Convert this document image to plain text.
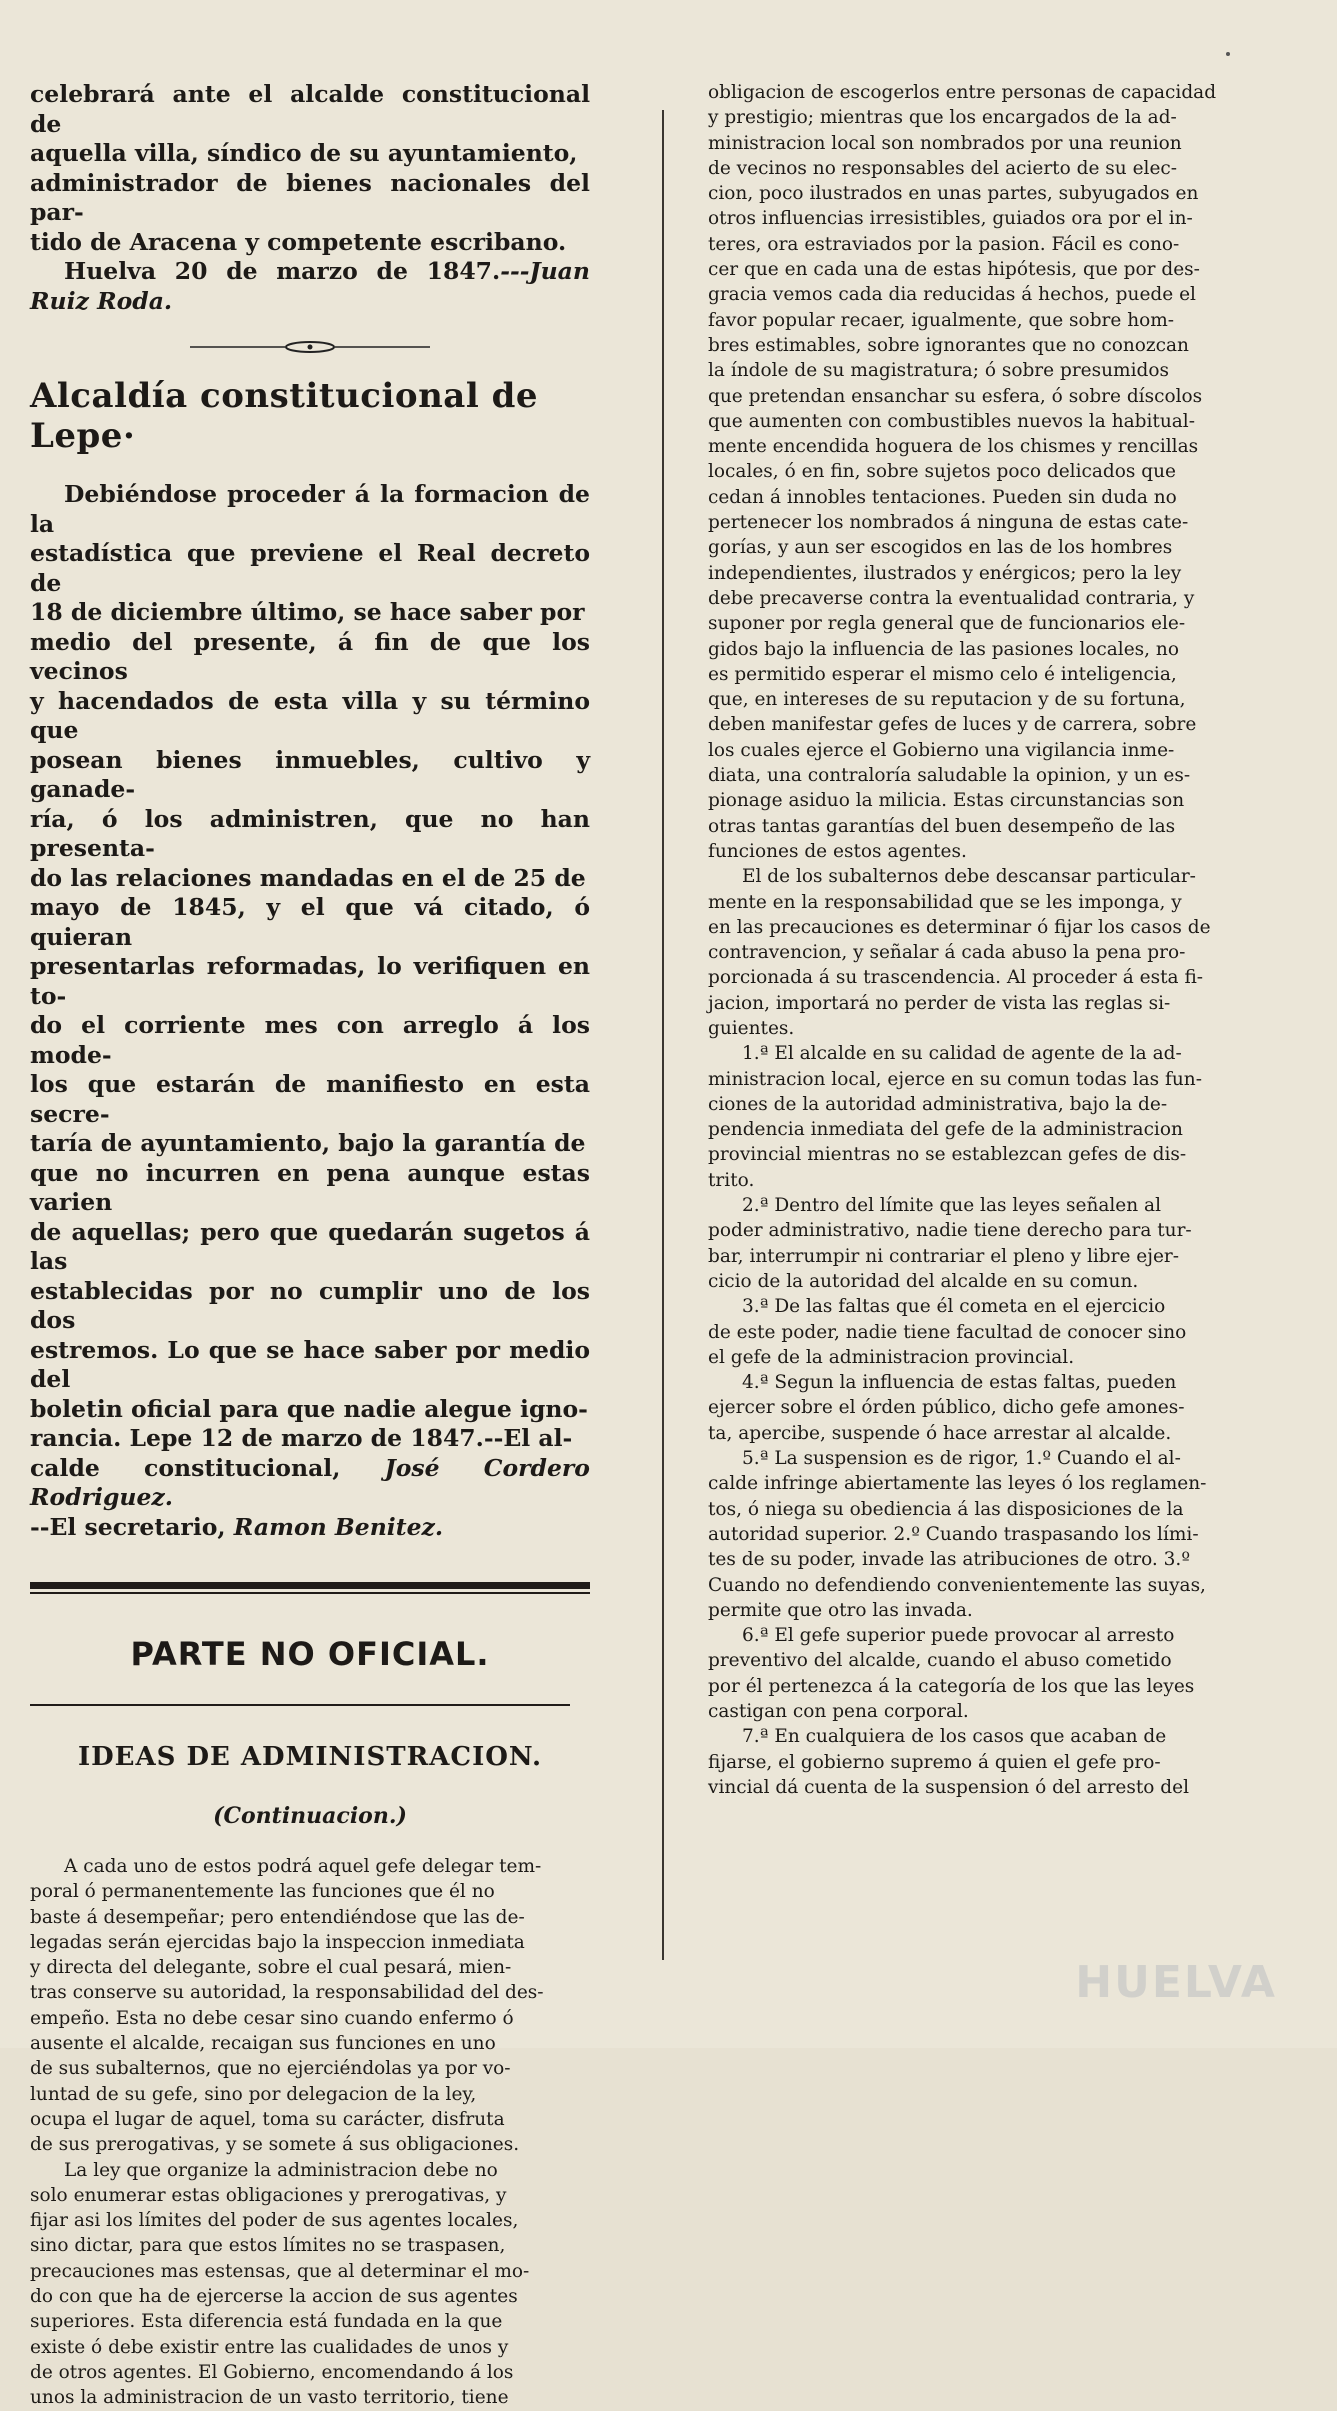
celebrará ante el alcalde constitucional de

aquella villa, síndico de su ayuntamiento,

administrador de bienes nacionales del par-

tido de Aracena y competente escribano.

Huelva 20 de marzo de 1847.---Juan Ruiz Roda.

Alcaldía constitucional de Lepe·

Debiéndose proceder á la formacion de la

estadística que previene el Real decreto de

18 de diciembre último, se hace saber por

medio del presente, á fin de que los vecinos

y hacendados de esta villa y su término que

posean bienes inmuebles, cultivo y ganade-

ría, ó los administren, que no han presenta-

do las relaciones mandadas en el de 25 de

mayo de 1845, y el que vá citado, ó quieran

presentarlas reformadas, lo verifiquen en to-

do el corriente mes con arreglo á los mode-

los que estarán de manifiesto en esta secre-

taría de ayuntamiento, bajo la garantía de

que no incurren en pena aunque estas varien

de aquellas; pero que quedarán sugetos á las

establecidas por no cumplir uno de los dos

estremos. Lo que se hace saber por medio del

boletin oficial para que nadie alegue igno-

rancia. Lepe 12 de marzo de 1847.--El al-

calde constitucional, José Cordero Rodriguez.

--El secretario, Ramon Benitez.

PARTE NO OFICIAL.
IDEAS DE ADMINISTRACION.
(Continuacion.)

A cada uno de estos podrá aquel gefe delegar tem-

poral ó permanentemente las funciones que él no

baste á desempeñar; pero entendiéndose que las de-

legadas serán ejercidas bajo la inspeccion inmediata

y directa del delegante, sobre el cual pesará, mien-

tras conserve su autoridad, la responsabilidad del des-

empeño. Esta no debe cesar sino cuando enfermo ó

ausente el alcalde, recaigan sus funciones en uno

de sus subalternos, que no ejerciéndolas ya por vo-

luntad de su gefe, sino por delegacion de la ley,

ocupa el lugar de aquel, toma su carácter, disfruta

de sus prerogativas, y se somete á sus obligaciones.

La ley que organize la administracion debe no

solo enumerar estas obligaciones y prerogativas, y

fijar asi los límites del poder de sus agentes locales,

sino dictar, para que estos límites no se traspasen,

precauciones mas estensas, que al determinar el mo-

do con que ha de ejercerse la accion de sus agentes

superiores. Esta diferencia está fundada en la que

existe ó debe existir entre las cualidades de unos y

de otros agentes. El Gobierno, encomendando á los

unos la administracion de un vasto territorio, tiene

obligacion de escogerlos entre personas de capacidad

y prestigio; mientras que los encargados de la ad-

ministracion local son nombrados por una reunion

de vecinos no responsables del acierto de su elec-

cion, poco ilustrados en unas partes, subyugados en

otros influencias irresistibles, guiados ora por el in-

teres, ora estraviados por la pasion. Fácil es cono-

cer que en cada una de estas hipótesis, que por des-

gracia vemos cada dia reducidas á hechos, puede el

favor popular recaer, igualmente, que sobre hom-

bres estimables, sobre ignorantes que no conozcan

la índole de su magistratura; ó sobre presumidos

que pretendan ensanchar su esfera, ó sobre díscolos

que aumenten con combustibles nuevos la habitual-

mente encendida hoguera de los chismes y rencillas

locales, ó en fin, sobre sujetos poco delicados que

cedan á innobles tentaciones. Pueden sin duda no

pertenecer los nombrados á ninguna de estas cate-

gorías, y aun ser escogidos en las de los hombres

independientes, ilustrados y enérgicos; pero la ley

debe precaverse contra la eventualidad contraria, y

suponer por regla general que de funcionarios ele-

gidos bajo la influencia de las pasiones locales, no

es permitido esperar el mismo celo é inteligencia,

que, en intereses de su reputacion y de su fortuna,

deben manifestar gefes de luces y de carrera, sobre

los cuales ejerce el Gobierno una vigilancia inme-

diata, una contraloría saludable la opinion, y un es-

pionage asiduo la milicia. Estas circunstancias son

otras tantas garantías del buen desempeño de las

funciones de estos agentes.

El de los subalternos debe descansar particular-

mente en la responsabilidad que se les imponga, y

en las precauciones es determinar ó fijar los casos de

contravencion, y señalar á cada abuso la pena pro-

porcionada á su trascendencia. Al proceder á esta fi-

jacion, importará no perder de vista las reglas si-

guientes.

1.ª El alcalde en su calidad de agente de la ad-

ministracion local, ejerce en su comun todas las fun-

ciones de la autoridad administrativa, bajo la de-

pendencia inmediata del gefe de la administracion

provincial mientras no se establezcan gefes de dis-

trito.

2.ª Dentro del límite que las leyes señalen al

poder administrativo, nadie tiene derecho para tur-

bar, interrumpir ni contrariar el pleno y libre ejer-

cicio de la autoridad del alcalde en su comun.

3.ª De las faltas que él cometa en el ejercicio

de este poder, nadie tiene facultad de conocer sino

el gefe de la administracion provincial.

4.ª Segun la influencia de estas faltas, pueden

ejercer sobre el órden público, dicho gefe amones-

ta, apercibe, suspende ó hace arrestar al alcalde.

5.ª La suspension es de rigor, 1.º Cuando el al-

calde infringe abiertamente las leyes ó los reglamen-

tos, ó niega su obediencia á las disposiciones de la

autoridad superior. 2.º Cuando traspasando los lími-

tes de su poder, invade las atribuciones de otro. 3.º

Cuando no defendiendo convenientemente las suyas,

permite que otro las invada.

6.ª El gefe superior puede provocar al arresto

preventivo del alcalde, cuando el abuso cometido

por él pertenezca á la categoría de los que las leyes

castigan con pena corporal.

7.ª En cualquiera de los casos que acaban de

fijarse, el gobierno supremo á quien el gefe pro-

vincial dá cuenta de la suspension ó del arresto del

HUELVA
